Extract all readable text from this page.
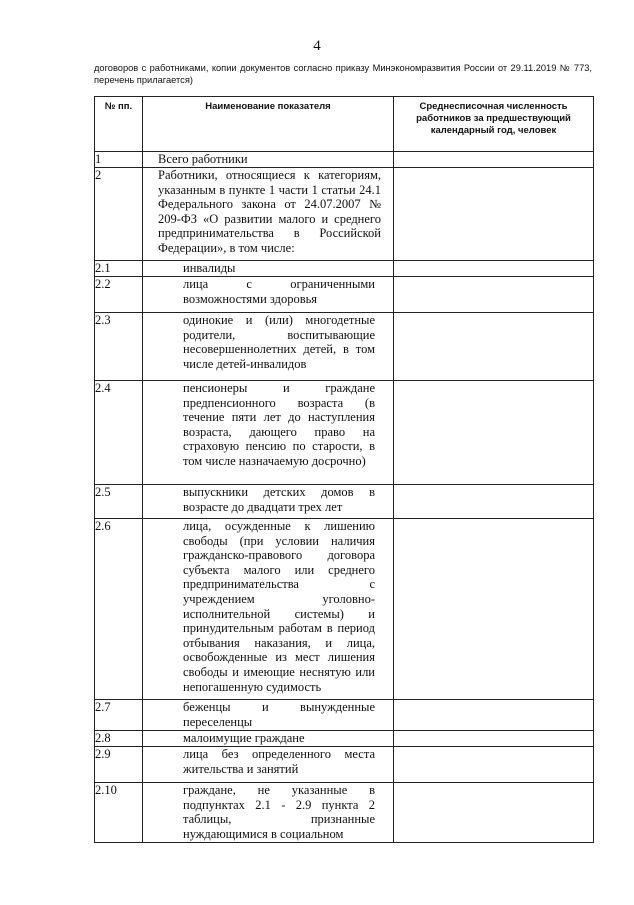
4
договоров с работниками, копии документов согласно приказу Минэкономразвития России от 29.11.2019 № 773, перечень прилагается)
№ пп.	Наименование показателя	Среднесписочная численность работников за предшествующий календарный год, человек

1	Всего работники	

2	Работники, относящиеся к категориям, указанным в пункте 1 части 1 статьи 24.1 Федерального закона от 24.07.2007 № 209-ФЗ «О развитии малого и среднего предпринимательства в Российской Федерации», в том числе:	

2.1	инвалиды	

2.2	лица с ограниченными возможностями здоровья	

2.3	одинокие и (или) многодетные родители, воспитывающие несовершеннолетних детей, в том числе детей-инвалидов	

2.4	пенсионеры и граждане предпенсионного возраста (в течение пяти лет до наступления возраста, дающего право на страховую пенсию по старости, в том числе назначаемую досрочно)	

2.5	выпускники детских домов в возрасте до двадцати трех лет	

2.6	лица, осужденные к лишению свободы (при условии наличия гражданско-правового договора субъекта малого или среднего предпринимательства с учреждением уголовно-исполнительной системы) и принудительным работам в период отбывания наказания, и лица, освобожденные из мест лишения свободы и имеющие неснятую или непогашенную судимость	

2.7	беженцы и вынужденные переселенцы	

2.8	малоимущие граждане	

2.9	лица без определенного места жительства и занятий	

2.10	граждане, не указанные в подпунктах 2.1 - 2.9 пункта 2 таблицы, признанные нуждающимися в социальном	
